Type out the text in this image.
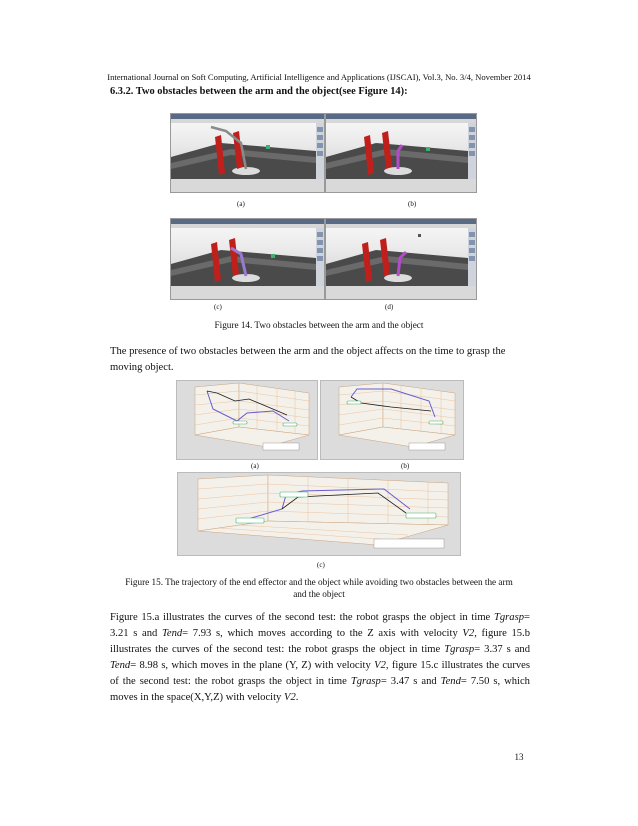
International Journal on Soft Computing, Artificial Intelligence and Applications (IJSCAI), Vol.3, No. 3/4, November 2014
6.3.2. Two obstacles between the arm and the object(see Figure 14):
(a)	(b)
(c)	(d)
Figure 14. Two obstacles between the arm and the object
The presence of two obstacles between the arm and the object affects on the time to grasp the moving object.
(a)	(b)
(c)
Figure 15. The trajectory of the end effector and the object while avoiding two obstacles between the arm
and the object
Figure 15.a illustrates the curves of the second test: the robot grasps the object in time Tgrasp= 3.21 s and Tend= 7.93 s, which moves according to the Z axis with velocity V2, figure 15.b illustrates the curves of the second test: the robot grasps the object in time Tgrasp= 3.37 s and Tend= 8.98 s, which moves in the plane (Y, Z) with velocity V2, figure 15.c illustrates the curves of the second test: the robot grasps the object in time Tgrasp= 3.47 s and Tend= 7.50 s, which moves in the space(X,Y,Z) with velocity V2.
13
